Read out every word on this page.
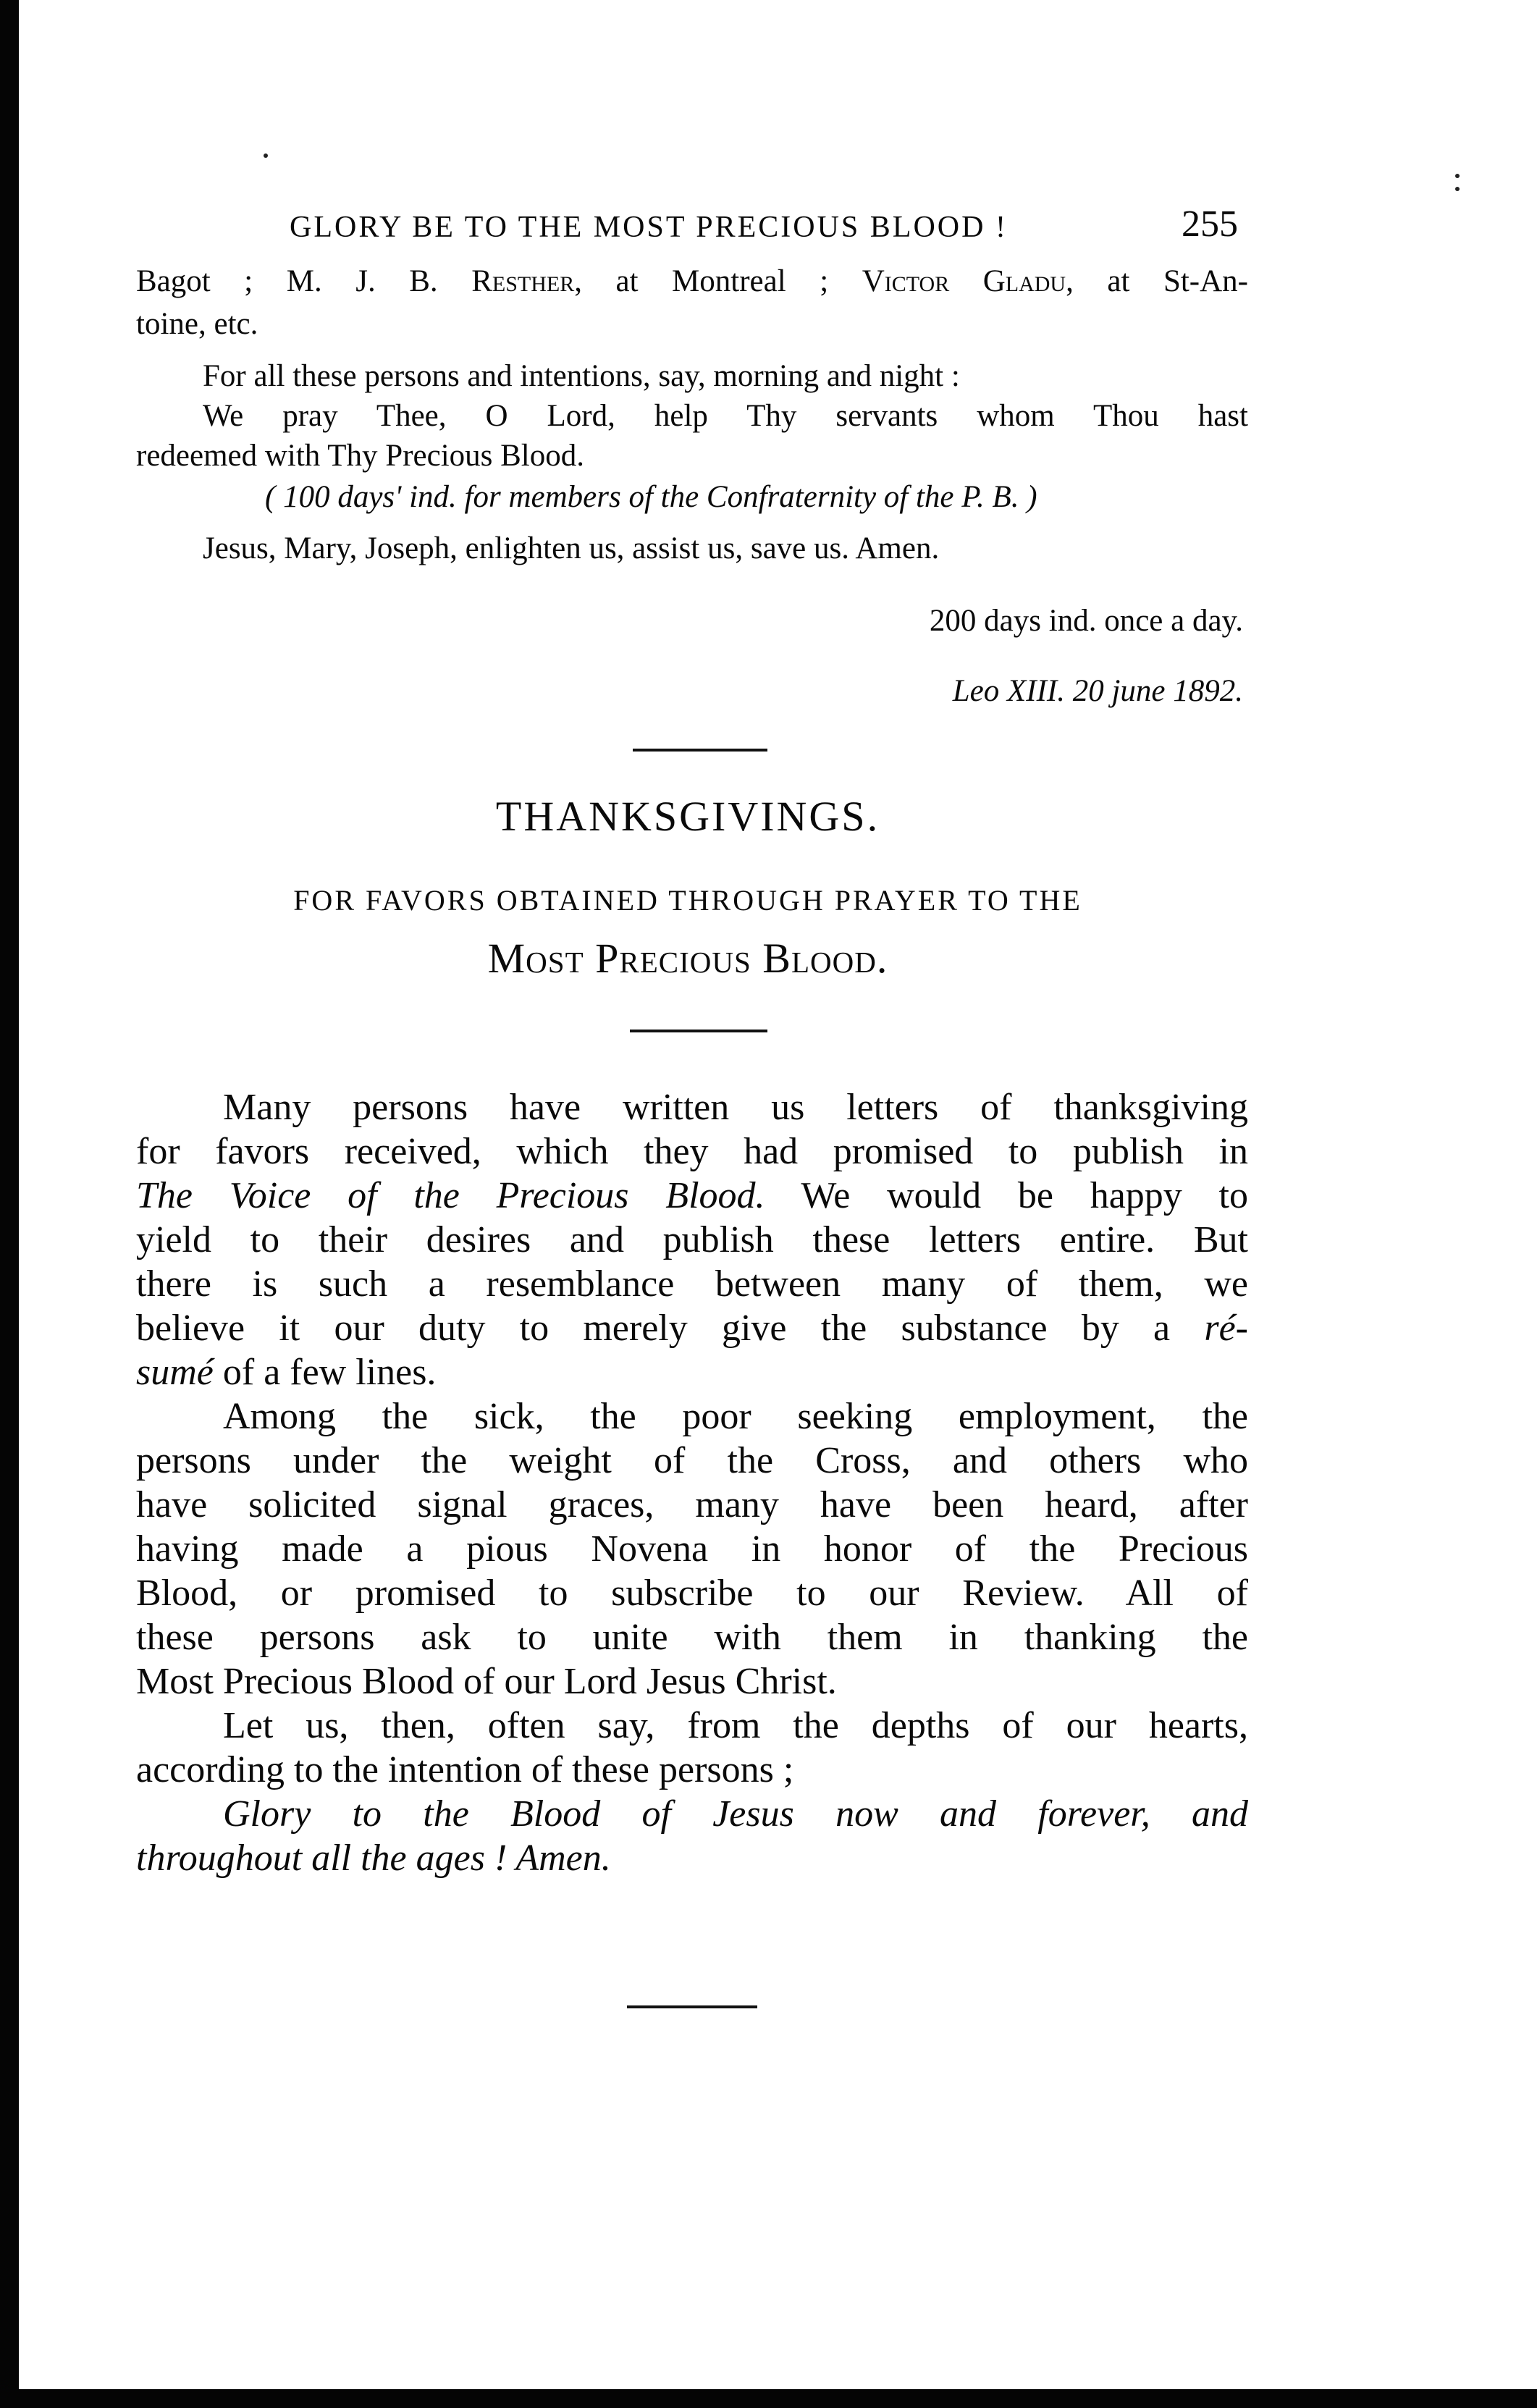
GLORY BE TO THE MOST PRECIOUS BLOOD !	255
Bagot ; M. J. B. Resther, at Montreal ; Victor Gladu, at St-An-
toine, etc.
For all these persons and intentions, say, morning and night :
We pray Thee, O Lord, help Thy servants whom Thou hast
redeemed with Thy Precious Blood.
( 100 days' ind. for members of the Confraternity of the P. B. )
Jesus, Mary, Joseph, enlighten us, assist us, save us. Amen.
200 days ind. once a day.
Leo XIII. 20 june 1892.
THANKSGIVINGS.
FOR FAVORS OBTAINED THROUGH PRAYER TO THE
Most Precious Blood.
Many persons have written us letters of thanksgiving
for favors received, which they had promised to publish in
The Voice of the Precious Blood. We would be happy to
yield to their desires and publish these letters entire. But
there is such a resemblance between many of them, we
believe it our duty to merely give the substance by a ré-
sumé of a few lines.
Among the sick, the poor seeking employment, the
persons under the weight of the Cross, and others who
have solicited signal graces, many have been heard, after
having made a pious Novena in honor of the Precious
Blood, or promised to subscribe to our Review. All of
these persons ask to unite with them in thanking the
Most Precious Blood of our Lord Jesus Christ.
Let us, then, often say, from the depths of our hearts,
according to the intention of these persons ;
Glory to the Blood of Jesus now and forever, and
throughout all the ages ! Amen.
